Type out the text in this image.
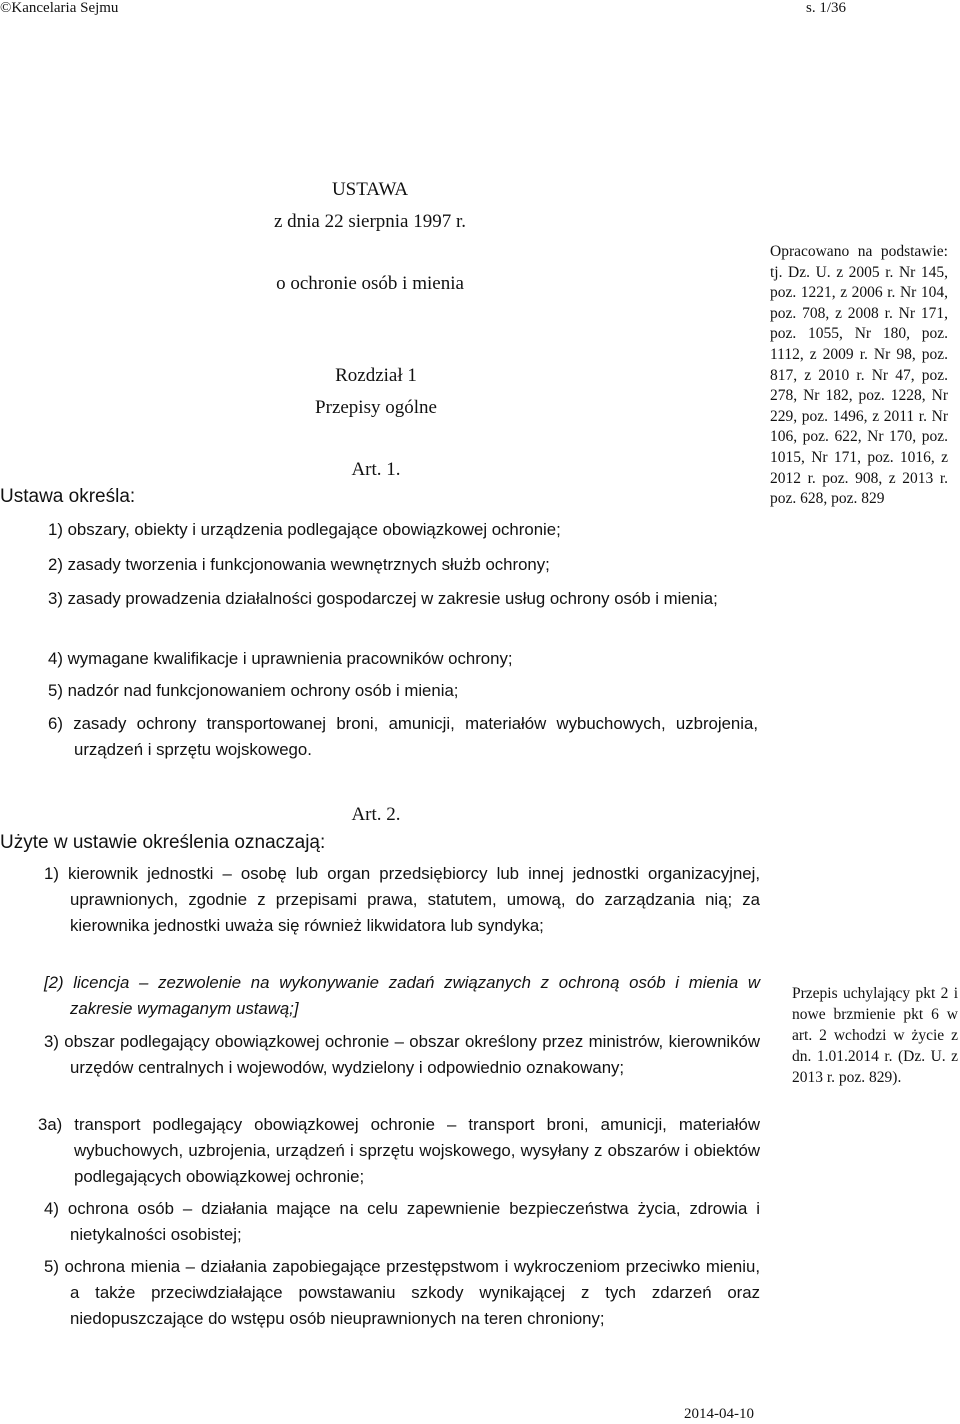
©Kancelaria Sejmu	s. 1/36
USTAWA
z dnia 22 sierpnia 1997 r.
o ochronie osób i mienia
Rozdział 1
Przepisy ogólne
Art. 1.
Ustawa określa:
1) obszary, obiekty i urządzenia podlegające obowiązkowej ochronie;
2) zasady tworzenia i funkcjonowania wewnętrznych służb ochrony;
3) zasady prowadzenia działalności gospodarczej w zakresie usług ochrony osób i mienia;
4) wymagane kwalifikacje i uprawnienia pracowników ochrony;
5) nadzór nad funkcjonowaniem ochrony osób i mienia;
6) zasady ochrony transportowanej broni, amunicji, materiałów wybuchowych, uzbrojenia, urządzeń i sprzętu wojskowego.
Opracowano na podstawie: tj. Dz. U. z 2005 r. Nr 145, poz. 1221, z 2006 r. Nr 104, poz. 708, z 2008 r. Nr 171, poz. 1055, Nr 180, poz. 1112, z 2009 r. Nr 98, poz. 817, z 2010 r. Nr 47, poz. 278, Nr 182, poz. 1228, Nr 229, poz. 1496, z 2011 r. Nr 106, poz. 622, Nr 170, poz. 1015, Nr 171, poz. 1016, z 2012 r. poz. 908, z 2013 r. poz. 628, poz. 829
Art. 2.
Użyte w ustawie określenia oznaczają:
1) kierownik jednostki – osobę lub organ przedsiębiorcy lub innej jednostki organizacyjnej, uprawnionych, zgodnie z przepisami prawa, statutem, umową, do zarządzania nią; za kierownika jednostki uważa się również likwidatora lub syndyka;
[2) licencja – zezwolenie na wykonywanie zadań związanych z ochroną osób i mienia w zakresie wymaganym ustawą;]
3) obszar podlegający obowiązkowej ochronie – obszar określony przez ministrów, kierowników urzędów centralnych i wojewodów, wydzielony i odpowiednio oznakowany;
3a) transport podlegający obowiązkowej ochronie – transport broni, amunicji, materiałów wybuchowych, uzbrojenia, urządzeń i sprzętu wojskowego, wysyłany z obszarów i obiektów podlegających obowiązkowej ochronie;
4) ochrona osób – działania mające na celu zapewnienie bezpieczeństwa życia, zdrowia i nietykalności osobistej;
5) ochrona mienia – działania zapobiegające przestępstwom i wykroczeniom przeciwko mieniu, a także przeciwdziałające powstawaniu szkody wynikającej z tych zdarzeń oraz niedopuszczające do wstępu osób nieuprawnionych na teren chroniony;
Przepis uchylający pkt 2 i nowe brzmienie pkt 6 w art. 2 wchodzi w życie z dn. 1.01.2014 r. (Dz. U. z 2013 r. poz. 829).
2014-04-10
